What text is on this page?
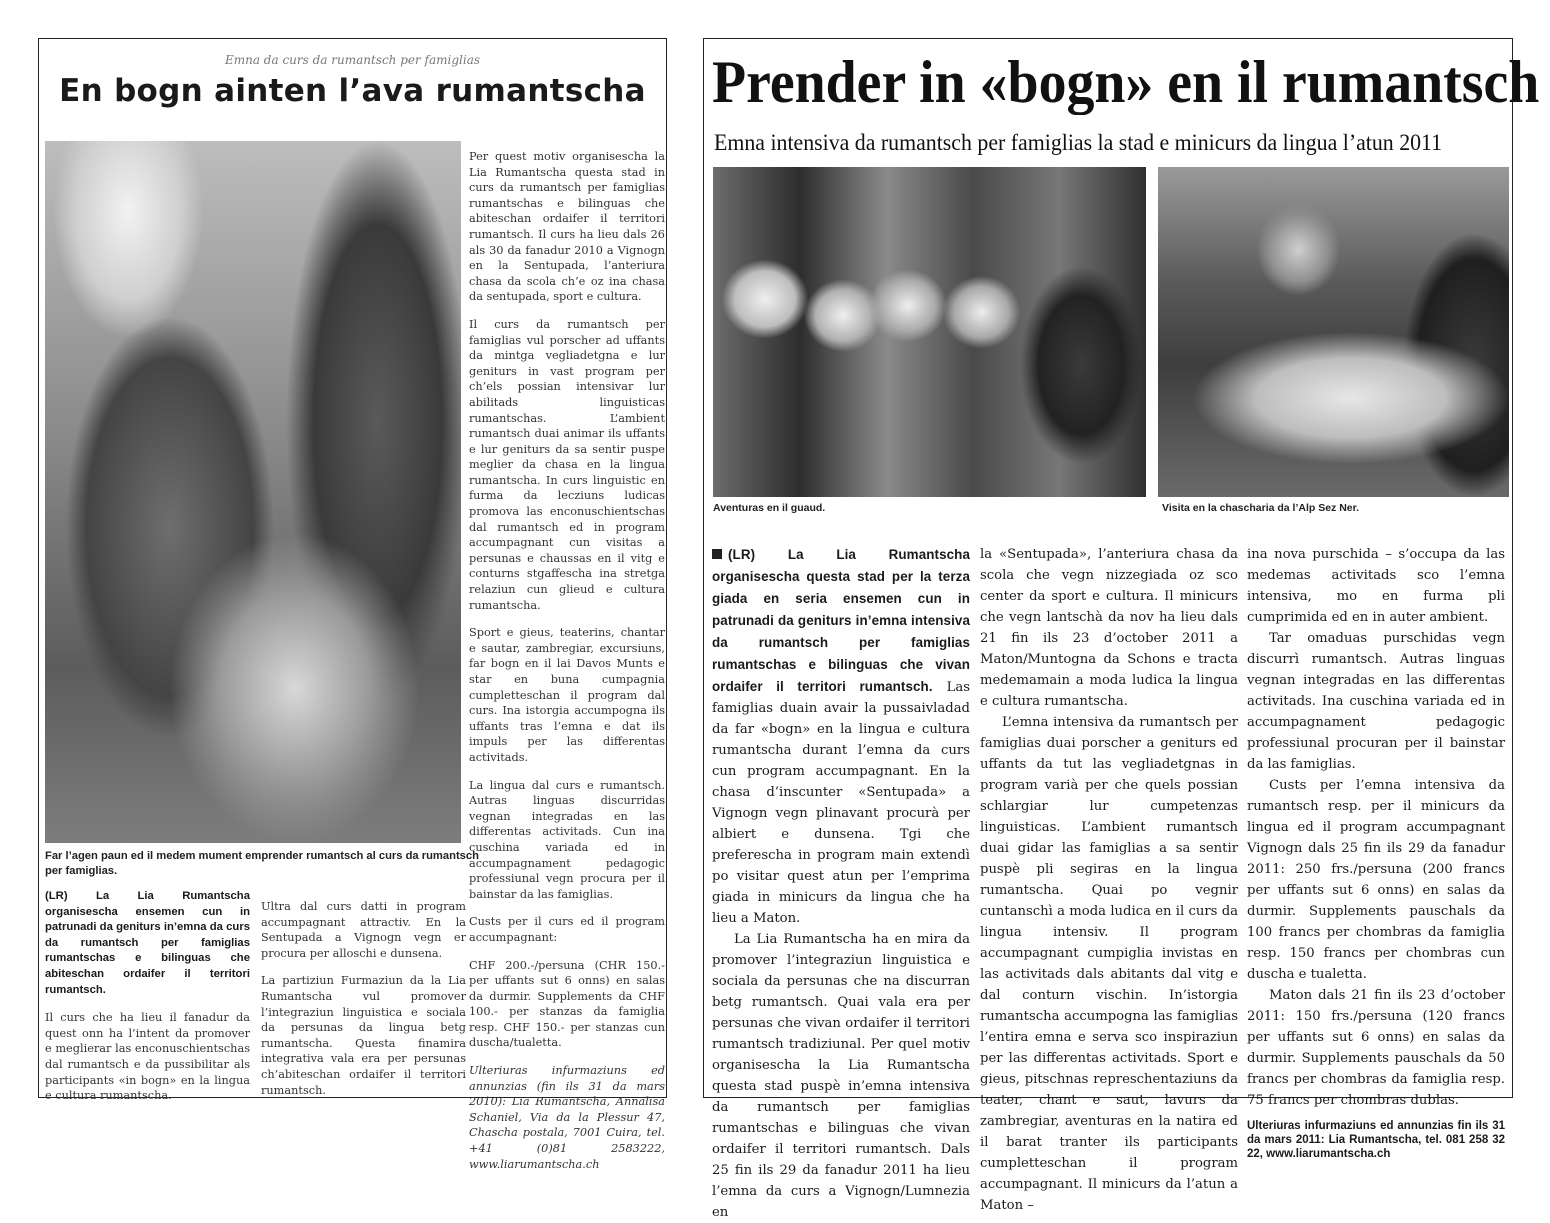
Emna da curs da rumantsch per famiglias
En bogn ainten l’ava rumantscha
Far l’agen paun ed il medem mument emprender rumantsch al curs da rumantsch per famiglias.

Per quest motiv organisescha la Lia Rumantscha questa stad in curs da rumantsch per famiglias rumantschas e bilinguas che abiteschan ordaifer il territori rumantsch. Il curs ha lieu dals 26 als 30 da fanadur 2010 a Vignogn en la Sentupada, l’anteriura chasa da scola ch’e oz ina chasa da sentupada, sport e cultura.

Il curs da rumantsch per famiglias vul porscher ad uffants da mintga vegliadetgna e lur geniturs in vast program per ch’els possian intensivar lur abilitads linguisticas rumantschas. L’ambient rumantsch duai animar ils uffants e lur geniturs da sa sentir puspe meglier da chasa en la lingua rumantscha. In curs linguistic en furma da lecziuns ludicas promova las enconuschientschas dal rumantsch ed in program accumpagnant cun visitas a persunas e chaussas en il vitg e conturns stgaffescha ina stretga relaziun cun glieud e cultura rumantscha.

Sport e gieus, teaterins, chantar e sautar, zambregiar, excursiuns, far bogn en il lai Davos Munts e star en buna cumpagnia cumpletteschan il program dal curs. Ina istorgia accumpogna ils uffants tras l’emna e dat ils impuls per las differentas activitads.

La lingua dal curs e rumantsch. Autras linguas discurridas vegnan integradas en las differentas activitads. Cun ina cuschina variada ed in accumpagnament pedagogic professiunal vegn procura per il bainstar da las famiglias.

Custs per il curs ed il program accumpagnant:

CHF 200.-/persuna (CHR 150.- per uffants sut 6 onns) en salas da durmir. Supplements da CHF 100.- per stanzas da famiglia resp. CHF 150.- per stanzas cun duscha/tualetta.

Ulteriuras infurmaziuns ed annunzias (fin ils 31 da mars 2010): Lia Rumantscha, Annalisa Schaniel, Via da la Plessur 47, Chascha postala, 7001 Cuira, tel. +41 (0)81 2583222, www.liarumantscha.ch

(LR) La Lia Rumantscha organisescha ensemen cun in patrunadi da geniturs in’emna da curs da rumantsch per famiglias rumantschas e bilinguas che abiteschan ordaifer il territori rumantsch.

Il curs che ha lieu il fanadur da quest onn ha l’intent da promover e meglierar las enconuschientschas dal rumantsch e da pussibilitar als participants «in bogn» en la lingua e cultura rumantscha.

Ultra dal curs datti in program accumpagnant attractiv. En la Sentupada a Vignogn vegn er procura per alloschi e dunsena.

La partiziun Furmaziun da la Lia Rumantscha vul promover l’integraziun linguistica e sociala da persunas da lingua betg rumantscha. Questa finamira integrativa vala era per persunas ch’abiteschan ordaifer il territori rumantsch.

Prender in «bogn» en il rumantsch
Emna intensiva da rumantsch per famiglias la stad e minicurs da lingua l’atun 2011
Aventuras en il guaud.	Visita en la chascharia da l’Alp Sez Ner.

(LR) La Lia Rumantscha organisescha questa stad per la terza giada en seria ensemen cun in patrunadi da geniturs in’emna intensiva da rumantsch per famiglias rumantschas e bilinguas che vivan ordaifer il territori rumantsch. Las famiglias duain avair la pussaivladad da far «bogn» en la lingua e cultura rumantscha durant l’emna da curs cun program accumpagnant. En la chasa d’inscunter «Sentupada» a Vignogn vegn plinavant procurà per albiert e dunsena. Tgi che preferescha in program main extendì po visitar quest atun per l’emprima giada in minicurs da lingua che ha lieu a Maton.

La Lia Rumantscha ha en mira da promover l’integraziun linguistica e sociala da persunas che na discurran betg rumantsch. Quai vala era per persunas che vivan ordaifer il territori rumantsch tradiziunal. Per quel motiv organisescha la Lia Rumantscha questa stad puspè in’emna intensiva da rumantsch per famiglias rumantschas e bilinguas che vivan ordaifer il territori rumantsch. Dals 25 fin ils 29 da fanadur 2011 ha lieu l’emna da curs a Vignogn/Lumnezia en

la «Sentupada», l’anteriura chasa da scola che vegn nizzegiada oz sco center da sport e cultura. Il minicurs che vegn lantschà da nov ha lieu dals 21 fin ils 23 d’october 2011 a Maton/Muntogna da Schons e tracta medemamain a moda ludica la lingua e cultura rumantscha.

L’emna intensiva da rumantsch per famiglias duai porscher a geniturs ed uffants da tut las vegliadetgnas in program varià per che quels possian schlargiar lur cumpetenzas linguisticas. L’ambient rumantsch duai gidar las famiglias a sa sentir puspè pli segiras en la lingua rumantscha. Quai po vegnir cuntanschì a moda ludica en il curs da lingua intensiv. Il program accumpagnant cumpiglia invistas en las activitads dals abitants dal vitg e dal conturn vischin. In’istorgia rumantscha accumpogna las famiglias l’entira emna e serva sco inspiraziun per las differentas activitads. Sport e gieus, pitschnas represchentaziuns da teater, chant e saut, lavurs da zambregiar, aventuras en la natira ed il barat tranter ils participants cumpletteschan il program accumpagnant. Il minicurs da l’atun a Maton –

ina nova purschida – s’occupa da las medemas activitads sco l’emna intensiva, mo en furma pli cumprimida ed en in auter ambient.

Tar omaduas purschidas vegn discurrì rumantsch. Autras linguas vegnan integradas en las differentas activitads. Ina cuschina variada ed in accumpagnament pedagogic professiunal procuran per il bainstar da las famiglias.

Custs per l’emna intensiva da rumantsch resp. per il minicurs da lingua ed il program accumpagnant Vignogn dals 25 fin ils 29 da fanadur 2011: 250 frs./persuna (200 francs per uffants sut 6 onns) en salas da durmir. Supplements pauschals da 100 francs per chombras da famiglia resp. 150 francs per chombras cun duscha e tualetta.

Maton dals 21 fin ils 23 d’october 2011: 150 frs./persuna (120 francs per uffants sut 6 onns) en salas da durmir. Supplements pauschals da 50 francs per chombras da famiglia resp. 75 francs per chombras dublas.

Ulteriuras infurmaziuns ed annunzias fin ils 31 da mars 2011: Lia Rumantscha, tel. 081 258 32 22, www.liarumantscha.ch
